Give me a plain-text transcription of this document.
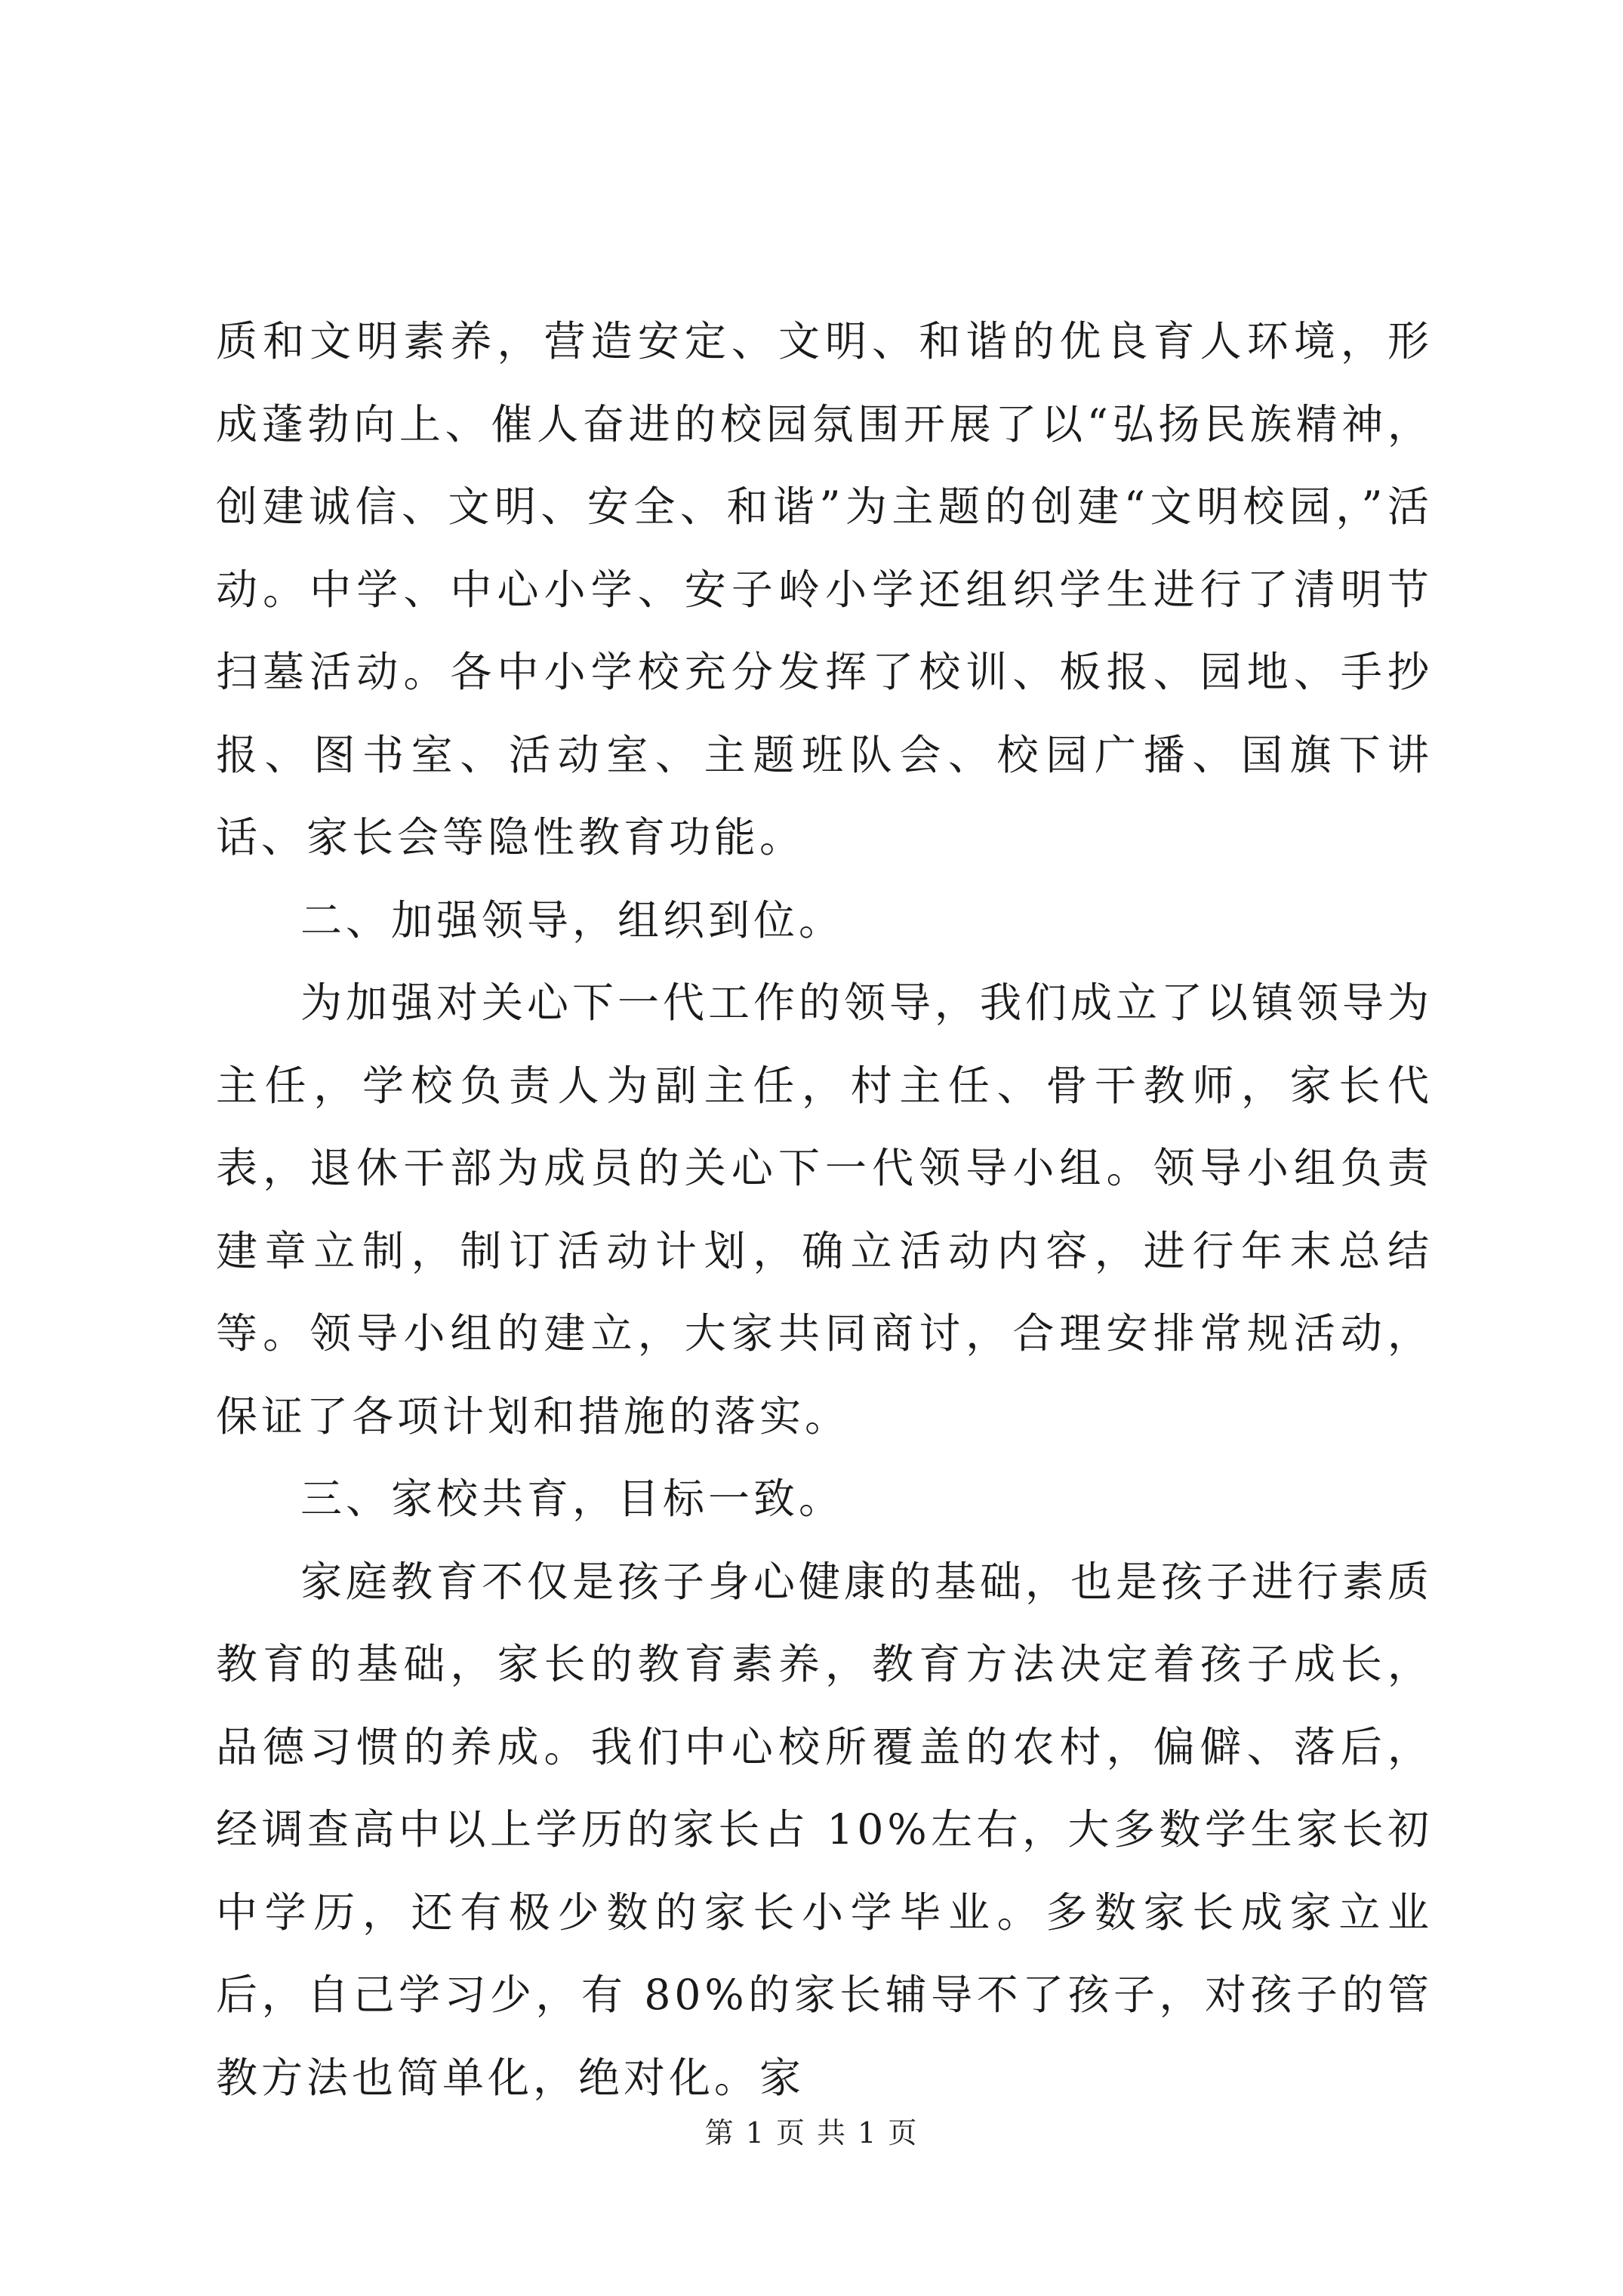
质和文明素养，营造安定、文明、和谐的优良育人环境，形成蓬勃向上、催人奋进的校园氛围开展了以“弘扬民族精神，创建诚信、文明、安全、和谐”为主题的创建“文明校园，”活动。中学、中心小学、安子岭小学还组织学生进行了清明节扫墓活动。各中小学校充分发挥了校训、板报、园地、手抄报、图书室、活动室、主题班队会、校园广播、国旗下讲话、家长会等隐性教育功能。

二、加强领导，组织到位。

为加强对关心下一代工作的领导，我们成立了以镇领导为主任，学校负责人为副主任，村主任、骨干教师，家长代表，退休干部为成员的关心下一代领导小组。领导小组负责建章立制，制订活动计划，确立活动内容，进行年末总结等。领导小组的建立，大家共同商讨，合理安排常规活动，保证了各项计划和措施的落实。

三、家校共育，目标一致。

家庭教育不仅是孩子身心健康的基础，也是孩子进行素质教育的基础，家长的教育素养，教育方法决定着孩子成长，品德习惯的养成。我们中心校所覆盖的农村，偏僻、落后，经调查高中以上学历的家长占 10%左右，大多数学生家长初中学历，还有极少数的家长小学毕业。多数家长成家立业后，自己学习少，有 80%的家长辅导不了孩子，对孩子的管教方法也简单化，绝对化。家

第 1 页 共 1 页
